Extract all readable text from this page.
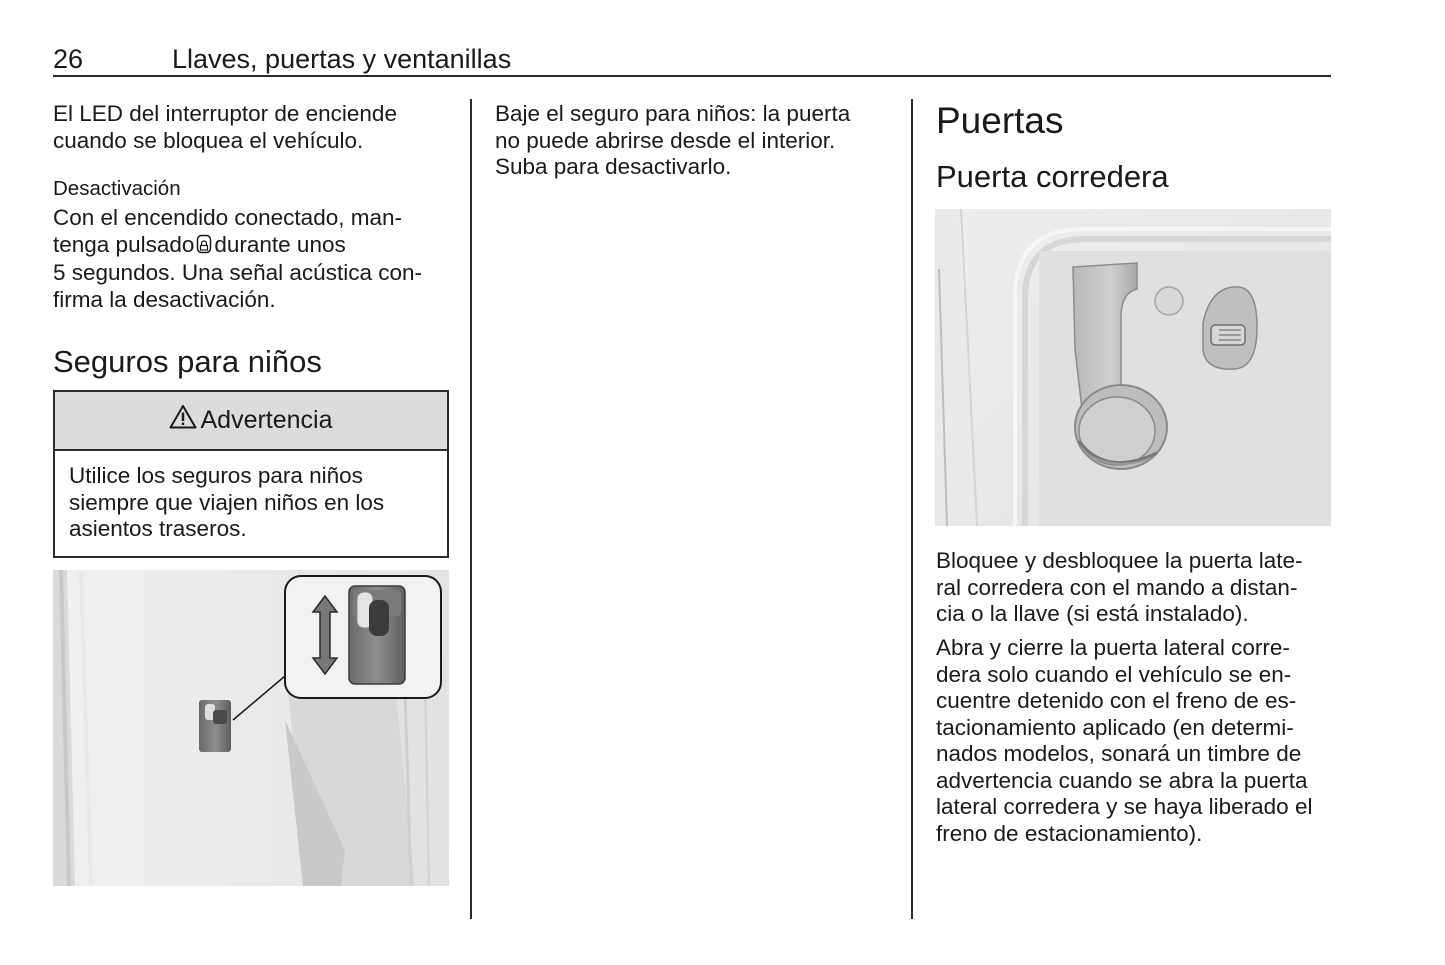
26	Llaves, puertas y ventanillas

El LED del interruptor de enciende

cuando se bloquea el vehículo.

Desactivación

Con el encendido conectado, man-

tenga pulsado durante unos

5 segundos. Una señal acústica con-

firma la desactivación.

Seguros para niños
Advertencia
Utilice los seguros para niños
siempre que viajen niños en los
asientos traseros.

Baje el seguro para niños: la puerta

no puede abrirse desde el interior.

Suba para desactivarlo.

Puertas
Puerta corredera

Bloquee y desbloquee la puerta late-

ral corredera con el mando a distan-

cia o la llave (si está instalado).

Abra y cierre la puerta lateral corre-

dera solo cuando el vehículo se en-

cuentre detenido con el freno de es-

tacionamiento aplicado (en determi-

nados modelos, sonará un timbre de

advertencia cuando se abra la puerta

lateral corredera y se haya liberado el

freno de estacionamiento).
